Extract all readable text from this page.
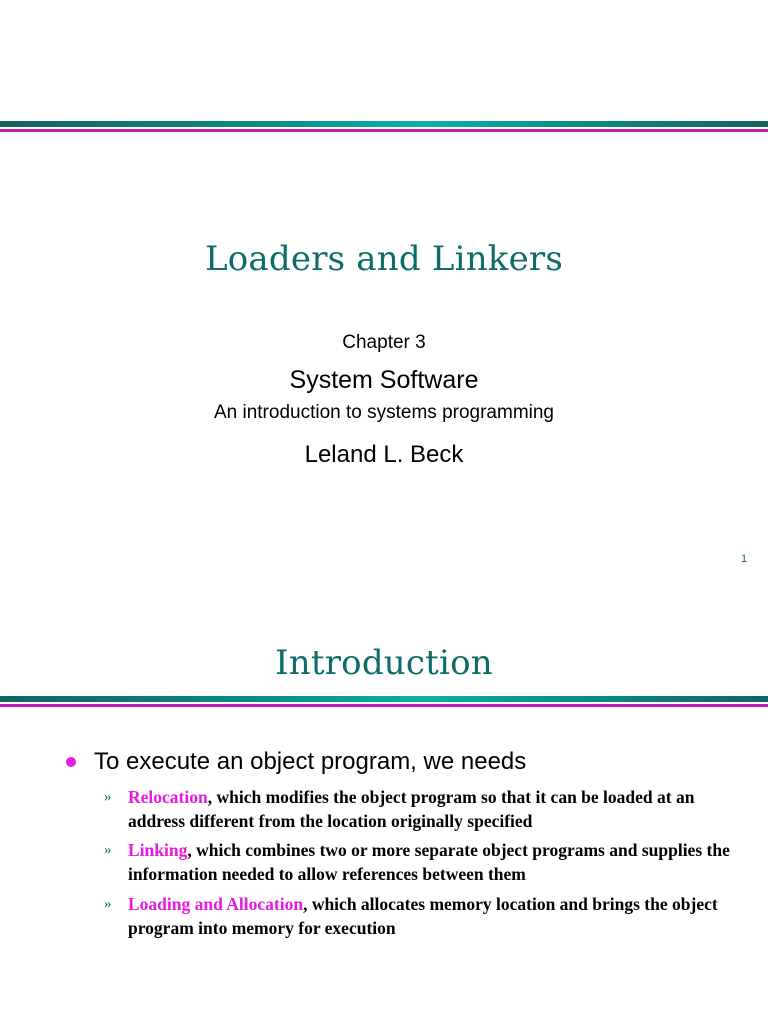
Loaders and Linkers
Chapter 3
System Software
An introduction to systems programming
Leland L. Beck
1
Introduction
To execute an object program, we needs
» Relocation, which modifies the object program so that it can be loaded at an address different from the location originally specified
» Linking, which combines two or more separate object programs and supplies the information needed to allow references between them
» Loading and Allocation, which allocates memory location and brings the object program into memory for execution
